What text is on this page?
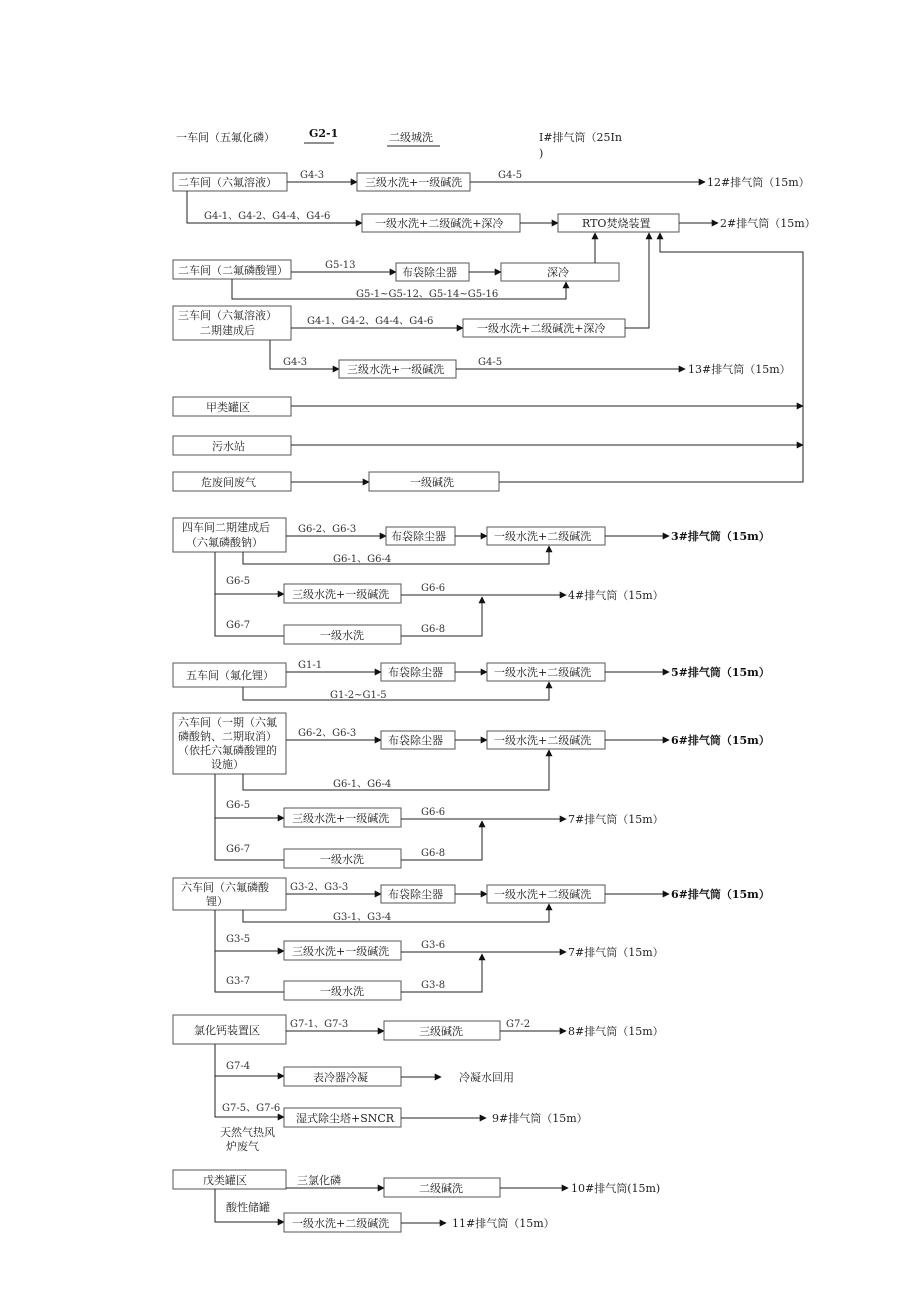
一车间（五氟化磷）	G2-1	二级城洗	I#排气筒（25In
)
二车间（六氟溶液）
G4-3
三级水洗+一级碱洗
G4-5
12#排气筒（15m）
G4-1、G4-2、G4-4、G4-6
一级水洗+二级碱洗+深冷	RTO焚烧装置	2#排气筒（15m）
二车间（二氟磷酸锂）	G5-13
布袋除尘器	深冷
G5-1~G5-12、G5-14~G5-16
三车间（六氟溶液）
二期建成后
G4-1、G4-2、G4-4、G4-6
一级水洗+二级碱洗+深冷
G4-3
三级水洗+一级碱洗
G4-5
13#排气筒（15m）
甲类罐区
污水站
危废间废气	一级碱洗
四车间二期建成后
（六氟磷酸钠）
G6-2、G6-3
布袋除尘器	一级水洗+二级碱洗	3#排气筒（15m）
G6-1、G6-4
G6-5
三级水洗+一级碱洗	G6-6
4#排气筒（15m）
G6-7
一级水洗	G6-8
五车间（氟化锂）
G1-1
布袋除尘器	一级水洗+二级碱洗	5#排气筒（15m）
G1-2~G1-5
六车间（一期（六氟
磷酸钠、二期取消）
（依托六氟磷酸锂的
设施）
G6-2、G6-3
布袋除尘器	一级水洗+二级碱洗	6#排气筒（15m）
G6-1、G6-4
G6-5
三级水洗+一级碱洗	G6-6
7#排气筒（15m）
G6-7
一级水洗	G6-8
六车间（六氟磷酸
锂）
G3-2、G3-3
布袋除尘器	一级水洗+二级碱洗	6#排气筒（15m）
G3-1、G3-4
G3-5
三级水洗+一级碱洗	G3-6
7#排气筒（15m）
G3-7
一级水洗	G3-8
氯化钙装置区	G7-1、G7-3
三级碱洗
G7-2
8#排气筒（15m）
G7-4
表冷器冷凝	冷凝水回用
G7-5、G7-6
天然气热风
炉废气
湿式除尘塔+SNCR	9#排气筒（15m）
戊类罐区	三氯化磷
二级碱洗	10#排气筒(15m)
酸性储罐
一级水洗+二级碱洗	11#排气筒（15m）
